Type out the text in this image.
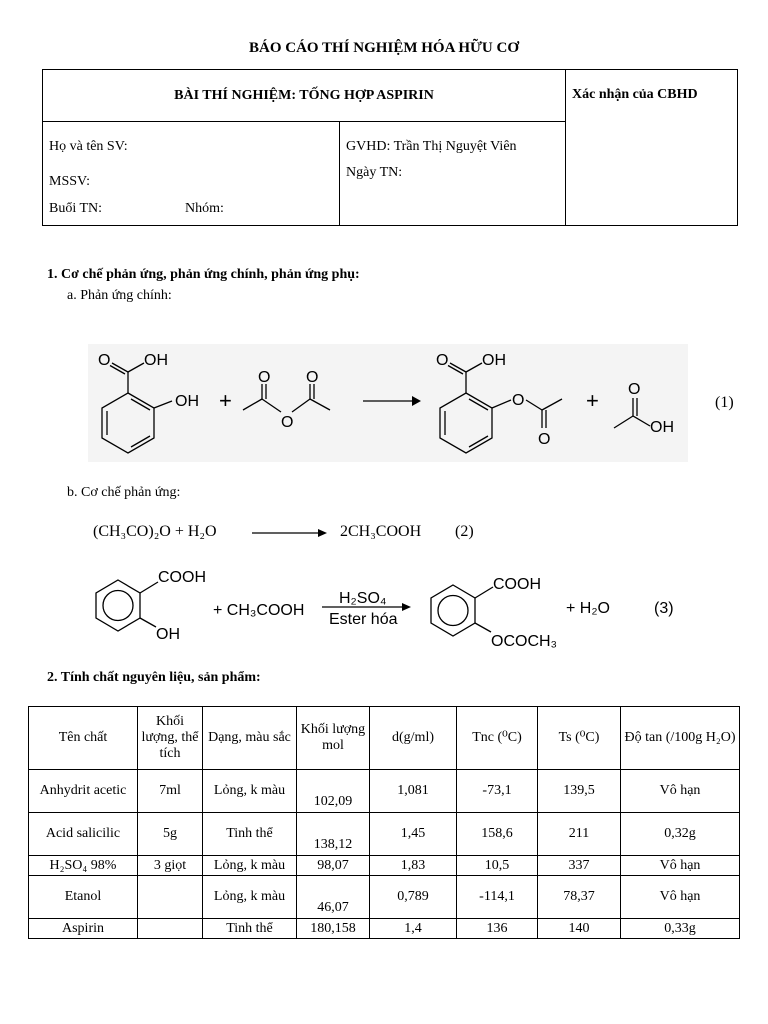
BÁO CÁO THÍ NGHIỆM HÓA HỮU CƠ
BÀI THÍ NGHIỆM: TỐNG HỢP ASPIRIN		Xác nhận của CBHD

Họ và tên SV:
MSSV:
Buổi TN: Nhóm:	GVHD: Trần Thị Nguyệt Viên
Ngày TN:	
1. Cơ chế phản ứng, phản ứng chính, phản ứng phụ:
a. Phản ứng chính:
O OH
OH +
O O
O
O OH
O
O
+ O
OH
(1)
b. Cơ chế phản ứng:
(CH₃CO)₂O + H₂O	2CH₃COOH (2)
COOH
OH
COOH
OCOCH₃
+ CH₃COOH
H₂SO₄
Ester hóa
+ H₂O	(3)
2. Tính chất nguyên liệu, sản phẩm:
Tên chất	Khối lượng, thể tích	Dạng, màu sắc	Khối lượng mol	d(g/ml)	Tnc (⁰C)	Ts (⁰C)	Độ tan (/100g H₂O)
Anhydrit acetic	7ml	Lỏng, k màu	102,09	1,081	-73,1	139,5	Vô hạn
Acid salicilic	5g	Tinh thể	138,12	1,45	158,6	211	0,32g
H₂SO₄ 98%	3 giọt	Lỏng, k màu	98,07	1,83	10,5	337	Vô hạn
Etanol		Lỏng, k màu	46,07	0,789	-114,1	78,37	Vô hạn
Aspirin		Tinh thể	180,158	1,4	136	140	0,33g
